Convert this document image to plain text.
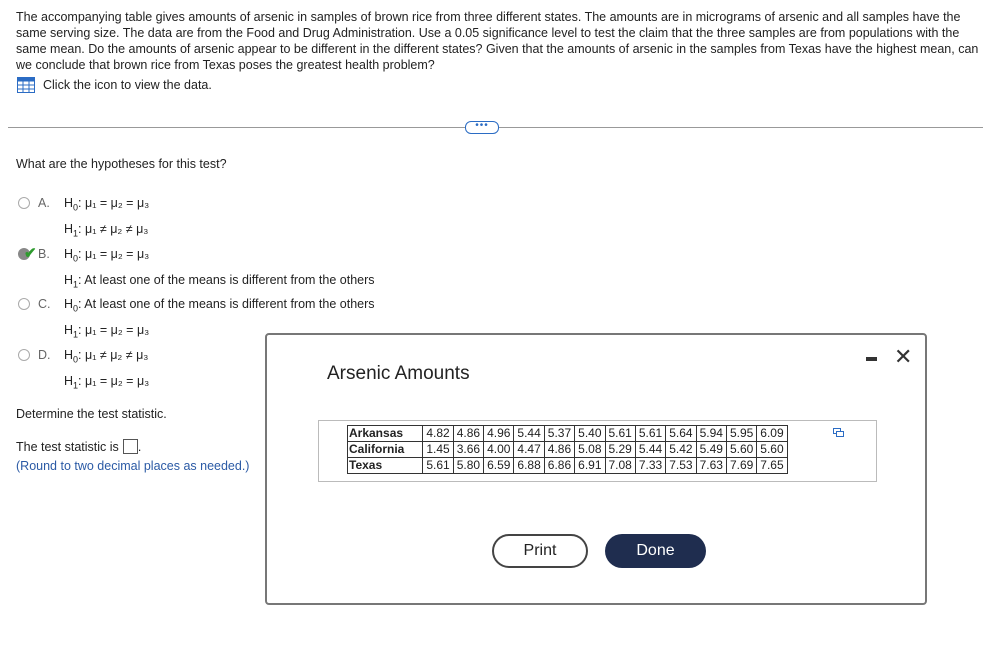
The accompanying table gives amounts of arsenic in samples of brown rice from three different states. The amounts are in micrograms of arsenic and all samples have the same serving size. The data are from the Food and Drug Administration. Use a 0.05 significance level to test the claim that the three samples are from populations with the same mean. Do the amounts of arsenic appear to be different in the different states? Given that the amounts of arsenic in the samples from Texas have the highest mean, can we conclude that brown rice from Texas poses the greatest health problem?
Click the icon to view the data.
•••
What are the hypotheses for this test?
A.	$H_0$: μ₁ = μ₂ = μ₃
$H_1$: μ₁ ≠ μ₂ ≠ μ₃
✔ B.	$H_0$: μ₁ = μ₂ = μ₃
$H_1$: At least one of the means is different from the others
C.	$H_0$: At least one of the means is different from the others
$H_1$: μ₁ = μ₂ = μ₃
D.	$H_0$: μ₁ ≠ μ₂ ≠ μ₃
$H_1$: μ₁ = μ₂ = μ₃
Determine the test statistic.
The test statistic is .
(Round to two decimal places as needed.)
Arsenic Amounts
✕
Arkansas	4.82	4.86	4.96	5.44	5.37	5.40	5.61	5.61	5.64	5.94	5.95	6.09
California	1.45	3.66	4.00	4.47	4.86	5.08	5.29	5.44	5.42	5.49	5.60	5.60
Texas	5.61	5.80	6.59	6.88	6.86	6.91	7.08	7.33	7.53	7.63	7.69	7.65
Print	Done
